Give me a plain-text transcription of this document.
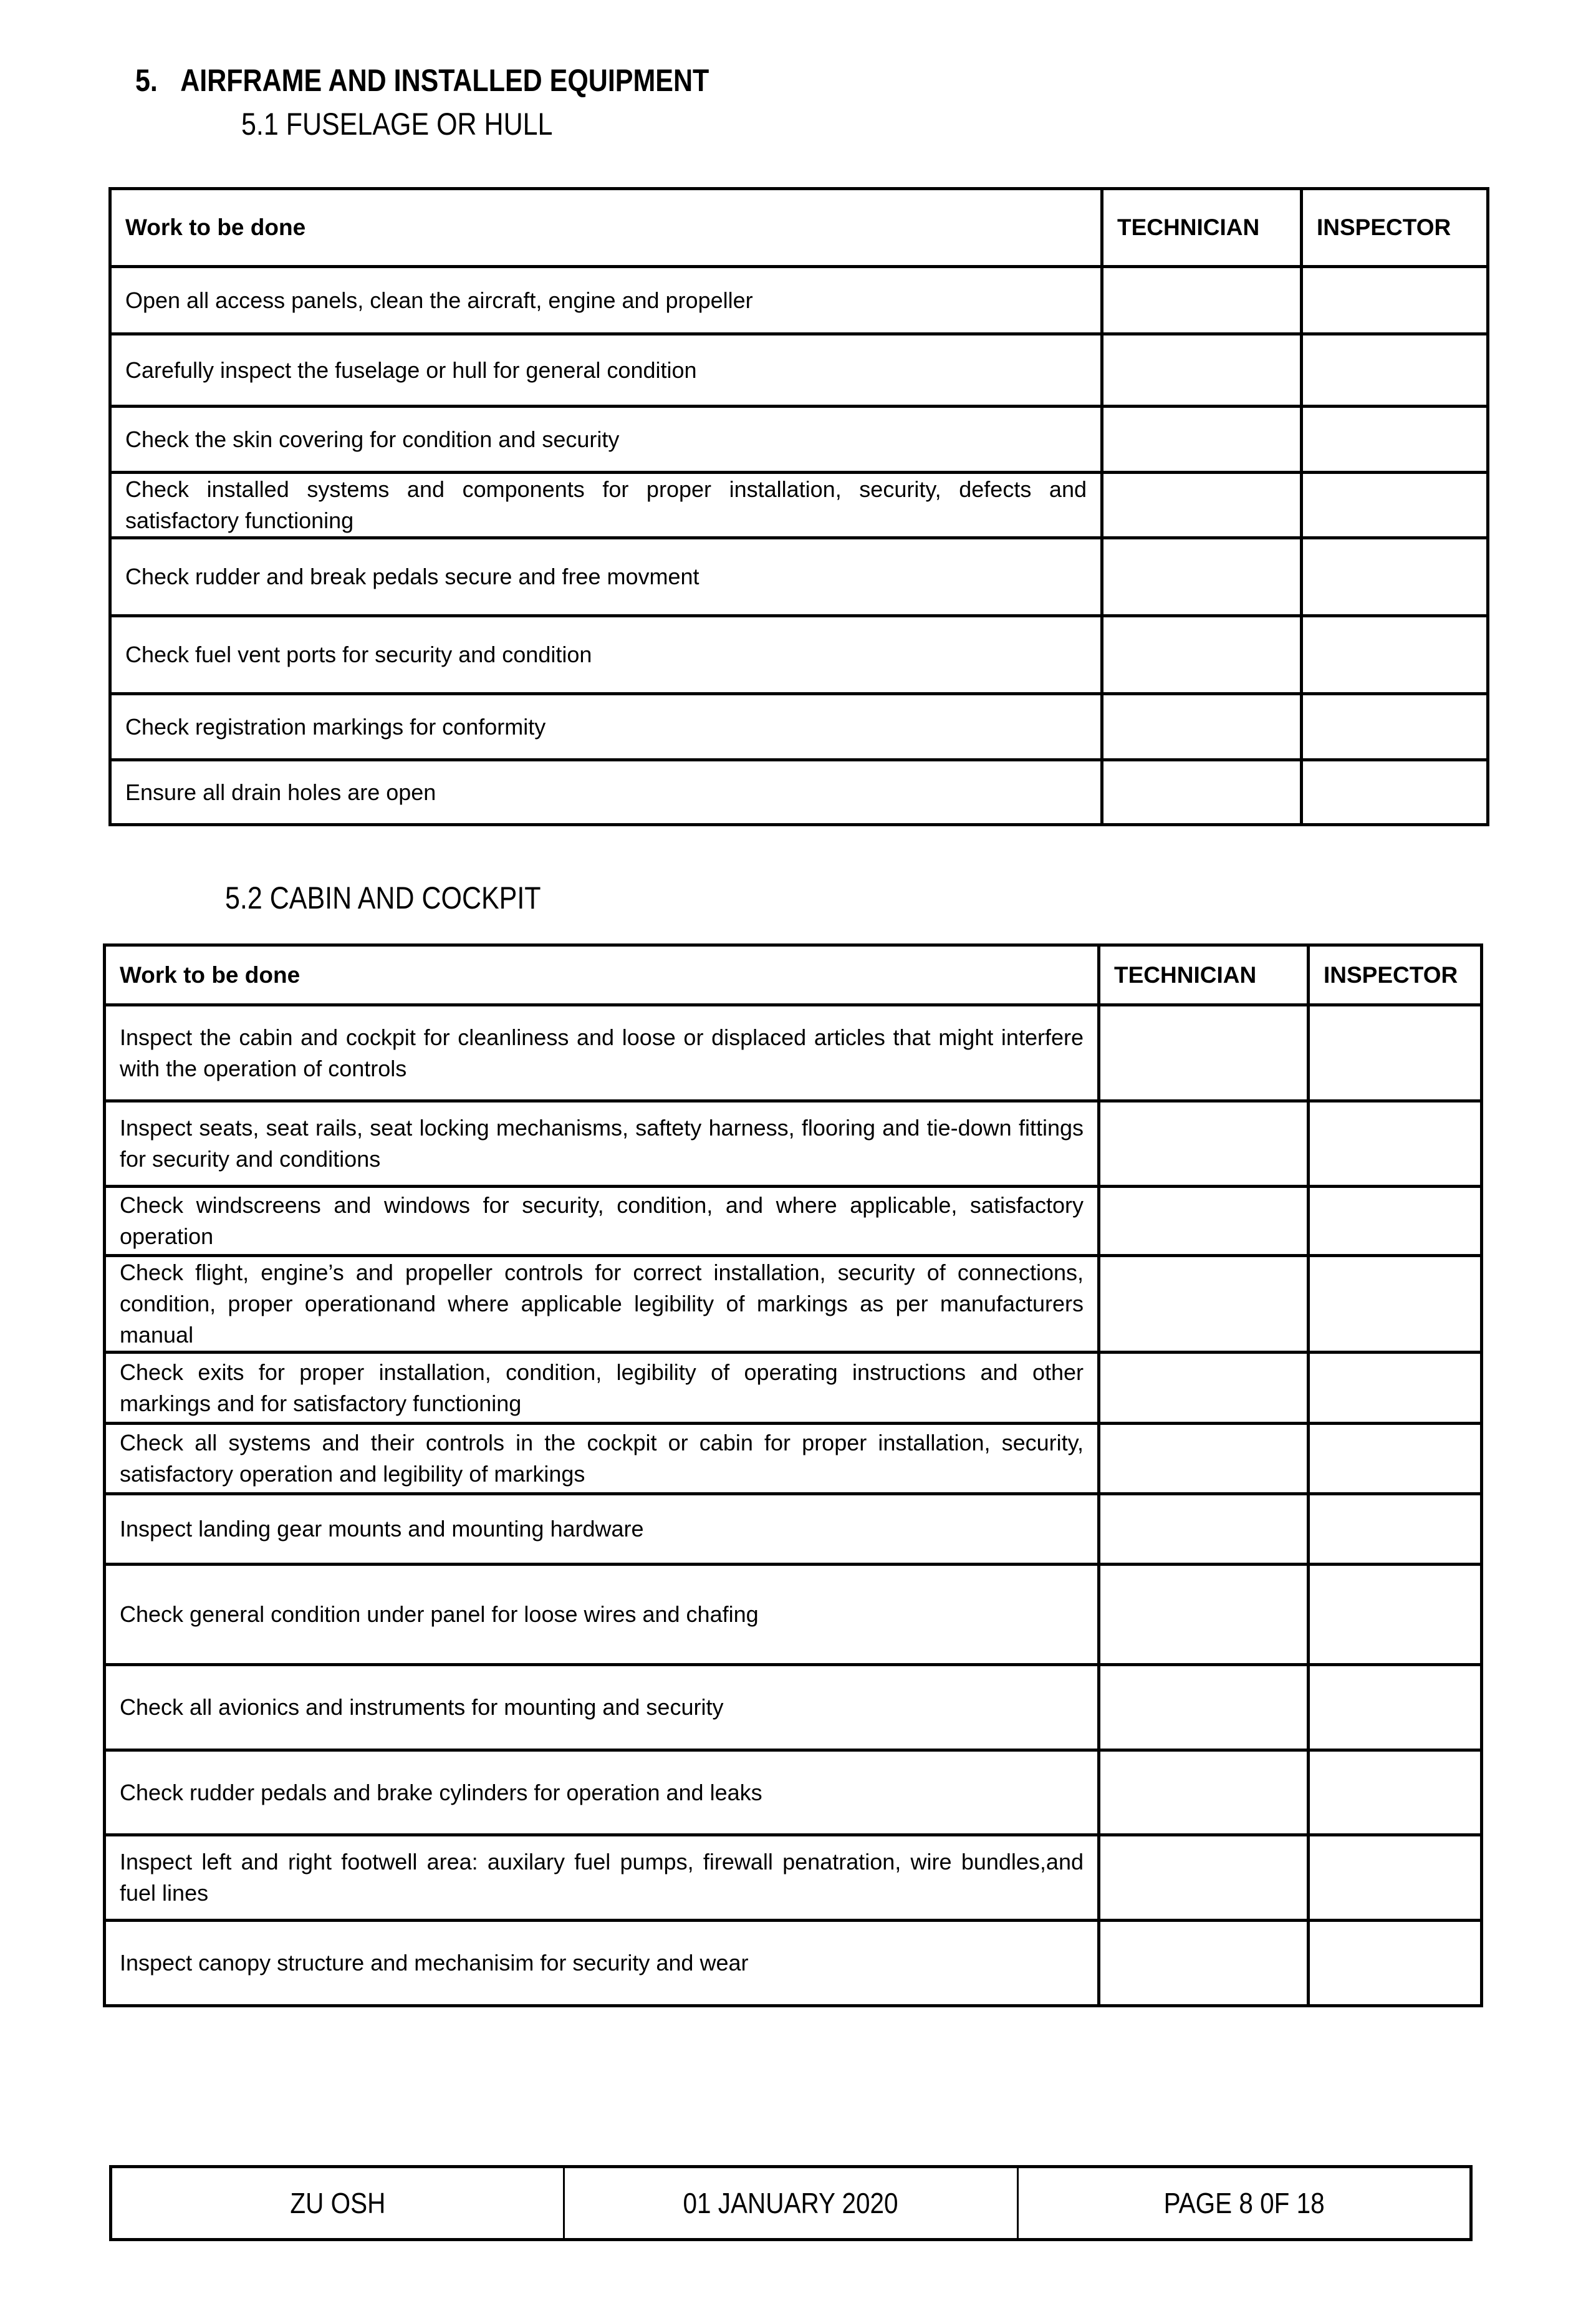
5. AIRFRAME AND INSTALLED EQUIPMENT
5.1 FUSELAGE OR HULL
Work to be done	TECHNICIAN	INSPECTOR
Open all access panels, clean the aircraft, engine and propeller		
Carefully inspect the fuselage or hull for general condition		
Check the skin covering for condition and security		
Check installed systems and components for proper installation, security, defects and satisfactory functioning		
Check rudder and break pedals secure and free movment		
Check fuel vent ports for security and condition		
Check registration markings for conformity		
Ensure all drain holes are open		
5.2 CABIN AND COCKPIT
Work to be done	TECHNICIAN	INSPECTOR
Inspect the cabin and cockpit for cleanliness and loose or displaced articles that might interfere with the operation of controls		
Inspect seats, seat rails, seat locking mechanisms, saftety harness, flooring and tie-down fittings for security and conditions		
Check windscreens and windows for security, condition, and where applicable, satisfactory operation		
Check flight, engine’s and propeller controls for correct installation, security of connections, condition, proper operationand where applicable legibility of markings as per manufacturers manual		
Check exits for proper installation, condition, legibility of operating instructions and other markings and for satisfactory functioning		
Check all systems and their controls in the cockpit or cabin for proper installation, security, satisfactory operation and legibility of markings		
Inspect landing gear mounts and mounting hardware		
Check general condition under panel for loose wires and chafing		
Check all avionics and instruments for mounting and security		
Check rudder pedals and brake cylinders for operation and leaks		
Inspect left and right footwell area: auxilary fuel pumps, firewall penatration, wire bundles,and fuel lines		
Inspect canopy structure and mechanisim for security and wear		
ZU OSH	01 JANUARY 2020	PAGE 8 0F 18
